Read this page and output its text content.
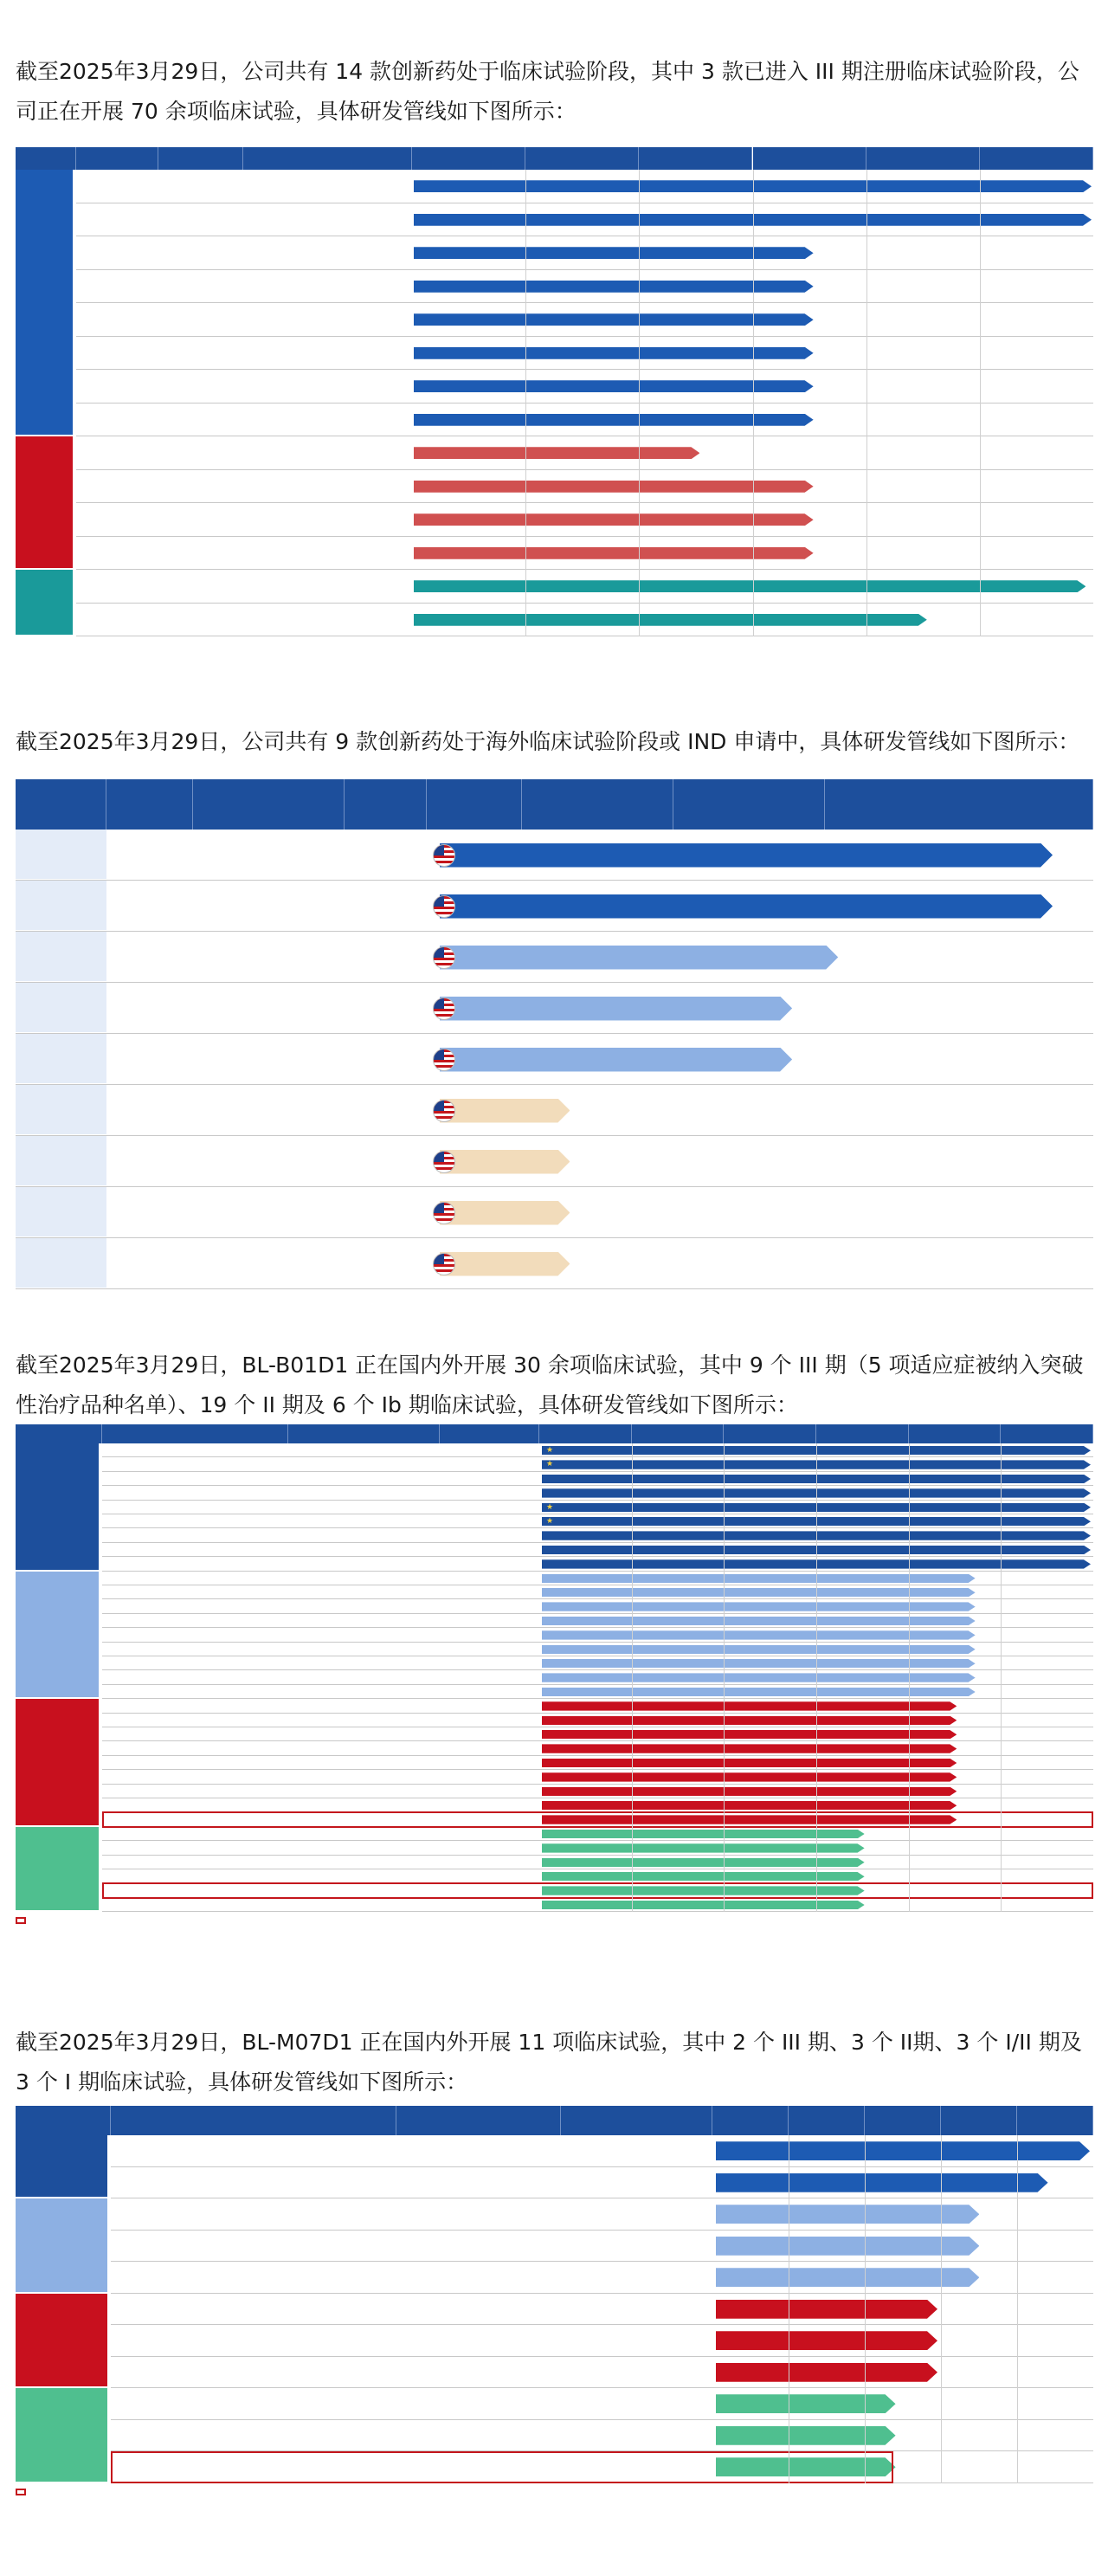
截至2025年3月29日，公司共有 14 款创新药处于临床试验阶段，其中 3 款已进入 III 期注册临床试验阶段，公司正在开展 70 余项临床试验，具体研发管线如下图所示：
截至2025年3月29日，公司共有 9 款创新药处于海外临床试验阶段或 IND 申请中，具体研发管线如下图所示：
截至2025年3月29日，BL-B01D1 正在国内外开展 30 余项临床试验，其中 9 个 III 期（5 项适应症被纳入突破性治疗品种名单）、19 个 II 期及 6 个 Ib 期临床试验，具体研发管线如下图所示：
★
★
★
★
截至2025年3月29日，BL-M07D1 正在国内外开展 11 项临床试验，其中 2 个 III 期、3 个 II期、3 个 I/II 期及 3 个 I 期临床试验，具体研发管线如下图所示：
